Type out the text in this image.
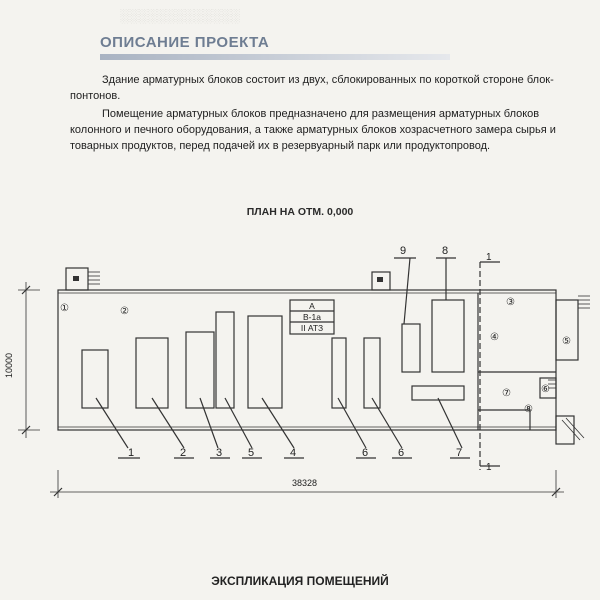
░░░░░░░░░░░░░
ОПИСАНИЕ ПРОЕКТА
Здание арматурных блоков состоит из двух, сблокированных по короткой стороне блок-понтонов.
Помещение арматурных блоков предназначено для размещения арматурных блоков колонного и печного оборудования, а также арматурных блоков хозрасчетного замера сырья и товарных продуктов, перед подачей их в резервуарный парк или продуктопровод.
ПЛАН НА ОТМ. 0,000
1	2	3 5	4	6	6	7
9	8
①	②
③
④	⑤
⑥
⑦
⑧
А
В-1а
II АТЗ
1
1
38328
10000
ЭКСПЛИКАЦИЯ ПОМЕЩЕНИЙ
